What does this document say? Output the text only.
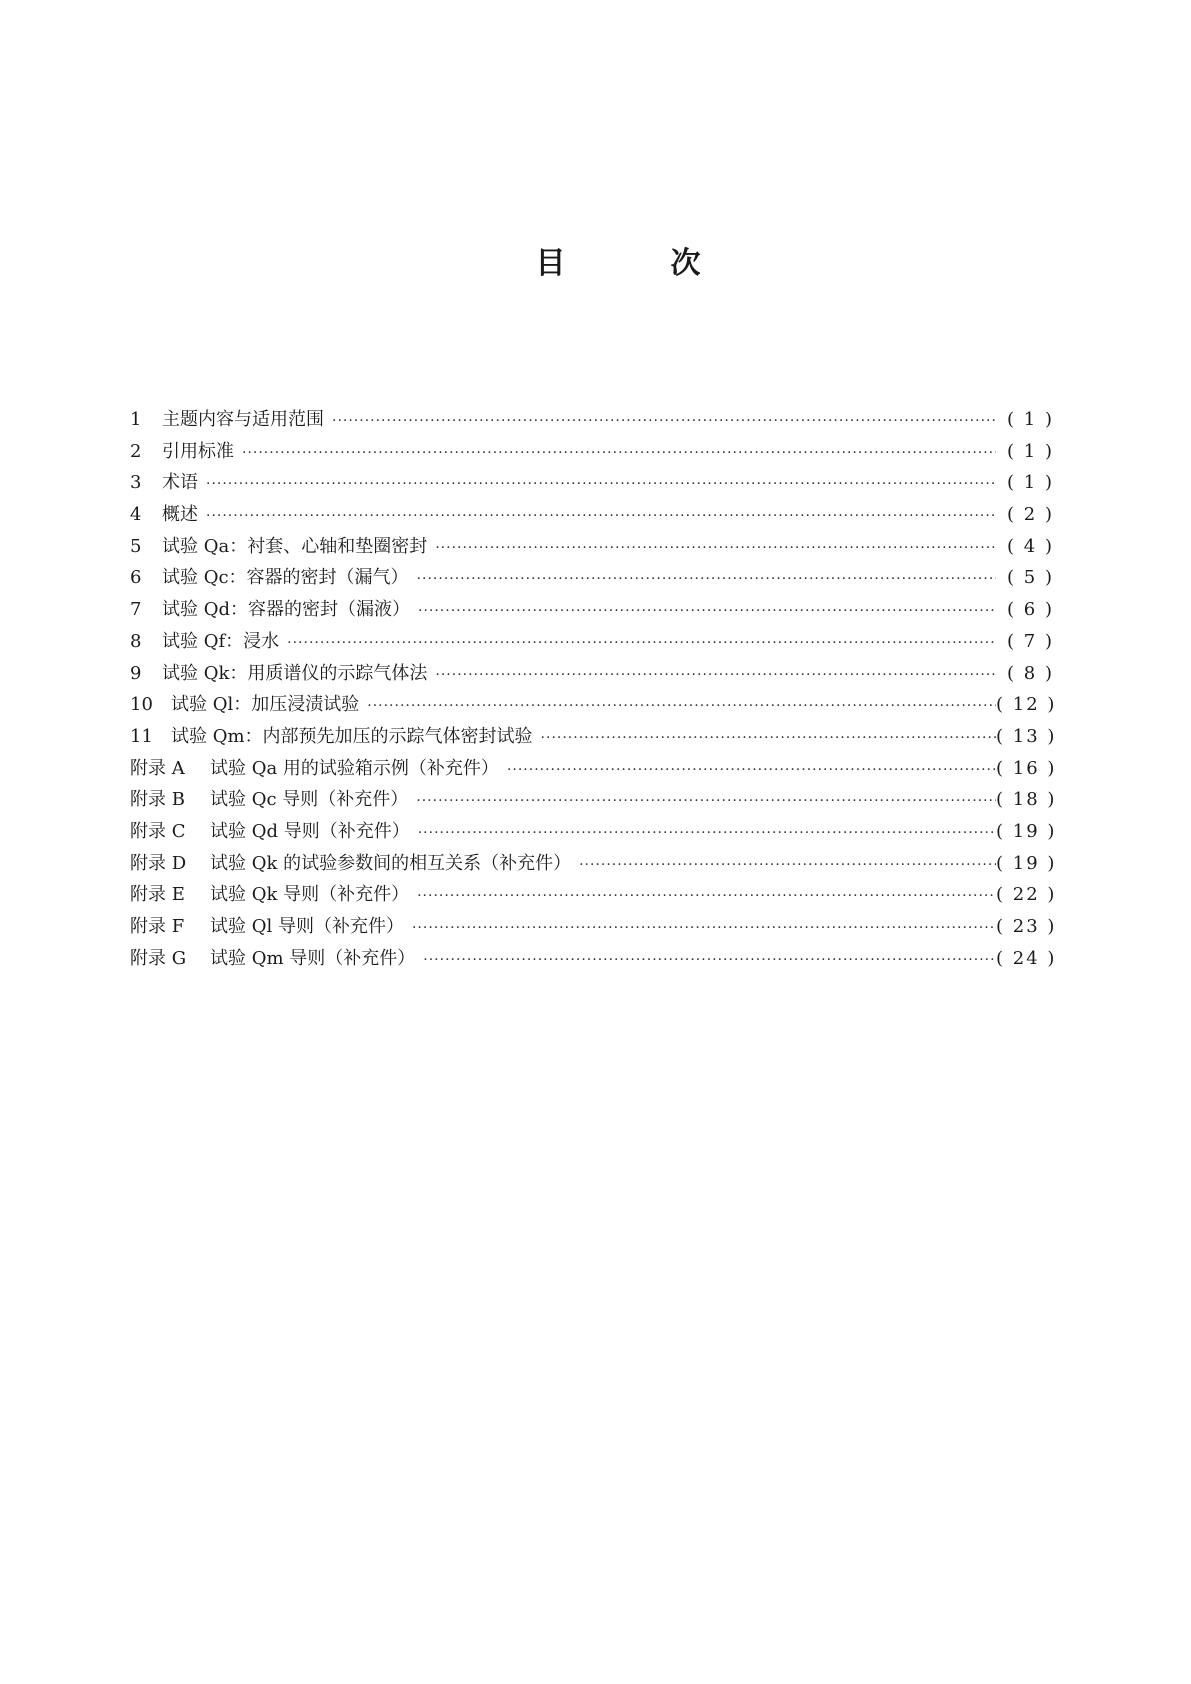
目	次
1	主题内容与适用范围 ·····	( 1 )
2	引用标准 ·····	( 1 )
3	术语 ·····	( 1 )
4	概述 ·····	( 2 )
5	试验 Qa：衬套、心轴和垫圈密封 ·····	( 4 )
6	试验 Qc：容器的密封（漏气） ·····	( 5 )
7	试验 Qd：容器的密封（漏液） ·····	( 6 )
8	试验 Qf：浸水 ·····	( 7 )
9	试验 Qk：用质谱仪的示踪气体法 ·····	( 8 )
10	试验 Ql：加压浸渍试验 ·····	( 12 )
11	试验 Qm：内部预先加压的示踪气体密封试验 ·····	( 13 )
附录 A	试验 Qa 用的试验箱示例（补充件） ·····	( 16 )
附录 B	试验 Qc 导则（补充件） ·····	( 18 )
附录 C	试验 Qd 导则（补充件） ·····	( 19 )
附录 D	试验 Qk 的试验参数间的相互关系（补充件） ·····	( 19 )
附录 E	试验 Qk 导则（补充件） ·····	( 22 )
附录 F	试验 Ql 导则（补充件） ·····	( 23 )
附录 G	试验 Qm 导则（补充件） ·····	( 24 )
